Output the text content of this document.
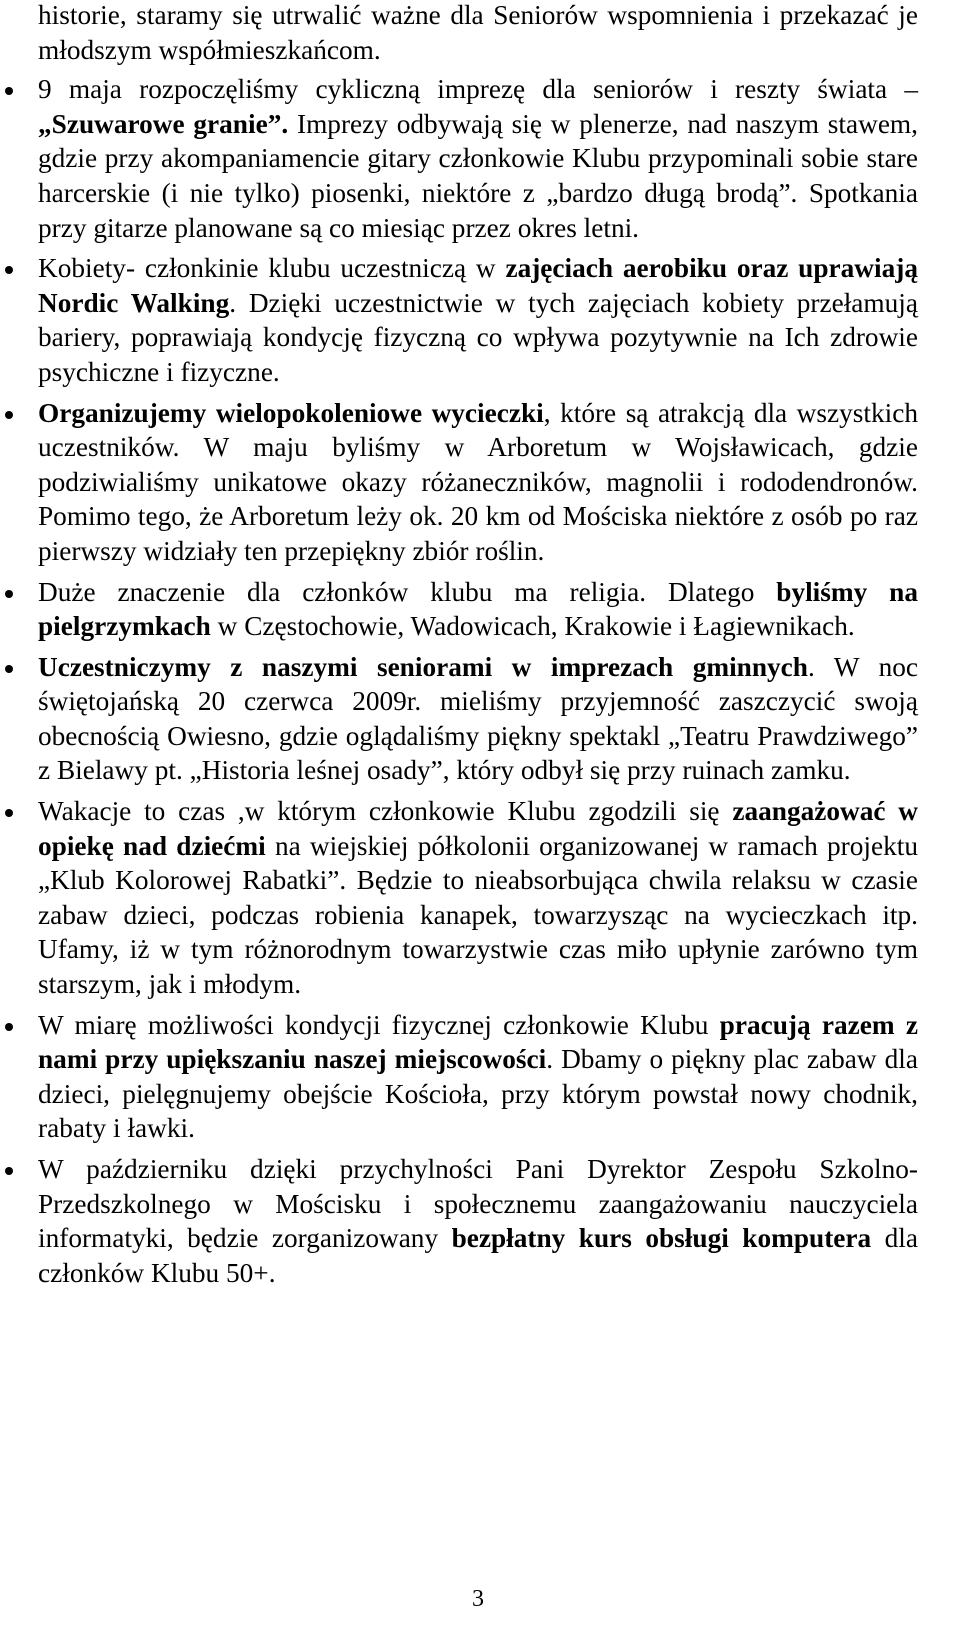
historie, staramy się utrwalić ważne dla Seniorów wspomnienia i przekazać je młodszym współmieszkańcom.

9 maja rozpoczęliśmy cykliczną imprezę dla seniorów i reszty świata – „Szuwarowe granie”. Imprezy odbywają się w plenerze, nad naszym stawem, gdzie przy akompaniamencie gitary członkowie Klubu przypominali sobie stare harcerskie (i nie tylko) piosenki, niektóre z „bardzo długą brodą”. Spotkania przy gitarze planowane są co miesiąc przez okres letni.
Kobiety- członkinie klubu uczestniczą w zajęciach aerobiku oraz uprawiają Nordic Walking. Dzięki uczestnictwie w tych zajęciach kobiety przełamują bariery, poprawiają kondycję fizyczną co wpływa pozytywnie na Ich zdrowie psychiczne i fizyczne.
Organizujemy wielopokoleniowe wycieczki, które są atrakcją dla wszystkich uczestników. W maju byliśmy w Arboretum w Wojsławicach, gdzie podziwialiśmy unikatowe okazy różaneczników, magnolii i rododendronów. Pomimo tego, że Arboretum leży ok. 20 km od Mościska niektóre z osób po raz pierwszy widziały ten przepiękny zbiór roślin.
Duże znaczenie dla członków klubu ma religia. Dlatego byliśmy na pielgrzymkach w Częstochowie, Wadowicach, Krakowie i Łagiewnikach.
Uczestniczymy z naszymi seniorami w imprezach gminnych. W noc świętojańską 20 czerwca 2009r. mieliśmy przyjemność zaszczycić swoją obecnością Owiesno, gdzie oglądaliśmy piękny spektakl „Teatru Prawdziwego” z Bielawy pt. „Historia leśnej osady”, który odbył się przy ruinach zamku.
Wakacje to czas ,w którym członkowie Klubu zgodzili się zaangażować w opiekę nad dziećmi na wiejskiej półkolonii organizowanej w ramach projektu „Klub Kolorowej Rabatki”. Będzie to nieabsorbująca chwila relaksu w czasie zabaw dzieci, podczas robienia kanapek, towarzysząc na wycieczkach itp. Ufamy, iż w tym różnorodnym towarzystwie czas miło upłynie zarówno tym starszym, jak i młodym.
W miarę możliwości kondycji fizycznej członkowie Klubu pracują razem z nami przy upiększaniu naszej miejscowości. Dbamy o piękny plac zabaw dla dzieci, pielęgnujemy obejście Kościoła, przy którym powstał nowy chodnik, rabaty i ławki.
W październiku dzięki przychylności Pani Dyrektor Zespołu Szkolno-Przedszkolnego w Mościsku i społecznemu zaangażowaniu nauczyciela informatyki, będzie zorganizowany bezpłatny kurs obsługi komputera dla członków Klubu 50+.
3
